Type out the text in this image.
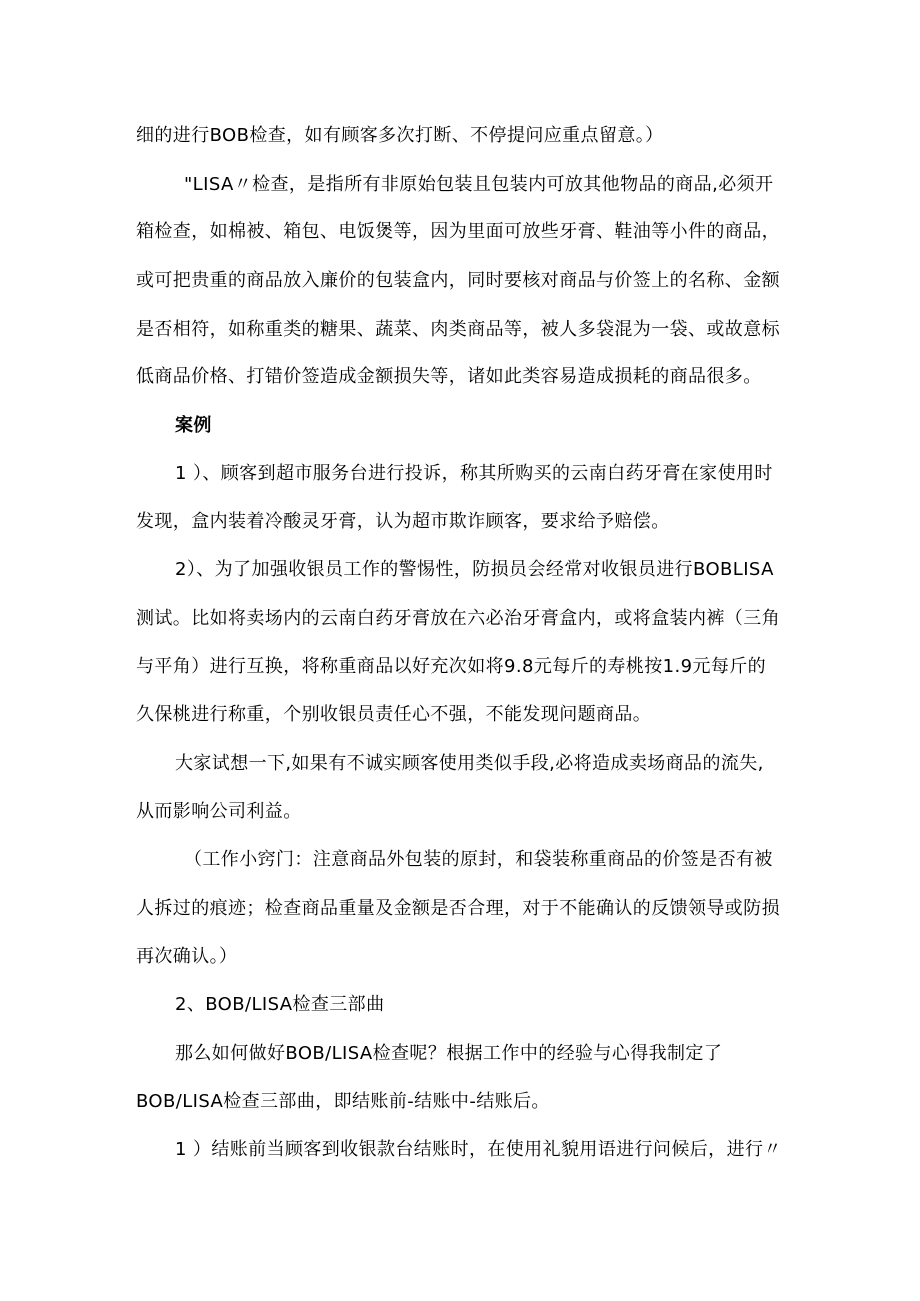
细的进行BOB检查，如有顾客多次打断、不停提问应重点留意。）
"LISA〃检查，是指所有非原始包装且包装内可放其他物品的商品,必须开
箱检查，如棉被、箱包、电饭煲等，因为里面可放些牙膏、鞋油等小件的商品，
或可把贵重的商品放入廉价的包装盒内，同时要核对商品与价签上的名称、金额
是否相符，如称重类的糖果、蔬菜、肉类商品等，被人多袋混为一袋、或故意标
低商品价格、打错价签造成金额损失等，诸如此类容易造成损耗的商品很多。
案例
1 ）、顾客到超市服务台进行投诉，称其所购买的云南白药牙膏在家使用时
发现，盒内装着冷酸灵牙膏，认为超市欺诈顾客，要求给予赔偿。
2）、为了加强收银员工作的警惕性，防损员会经常对收银员进行BOBLISA
测试。比如将卖场内的云南白药牙膏放在六必治牙膏盒内，或将盒装内裤（三角
与平角）进行互换，将称重商品以好充次如将9.8元每斤的寿桃按1.9元每斤的
久保桃进行称重，个别收银员责任心不强，不能发现问题商品。
大家试想一下,如果有不诚实顾客使用类似手段,必将造成卖场商品的流失,
从而影响公司利益。
（工作小窍门：注意商品外包装的原封，和袋装称重商品的价签是否有被
人拆过的痕迹；检查商品重量及金额是否合理，对于不能确认的反馈领导或防损
再次确认。）
2、BOB/LISA检查三部曲
那么如何做好BOB/LISA检查呢？根据工作中的经验与心得我制定了
BOB/LISA检查三部曲，即结账前-结账中-结账后。
1 ）结账前当顾客到收银款台结账时，在使用礼貌用语进行问候后，进行〃
